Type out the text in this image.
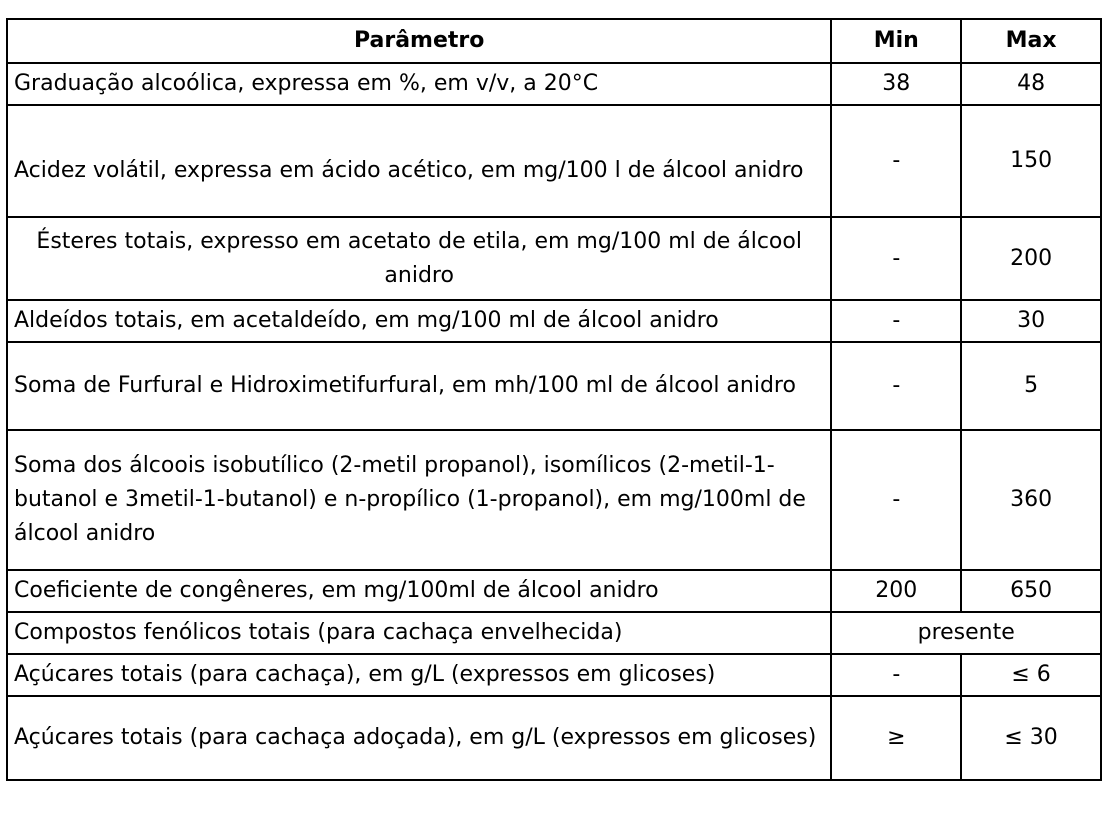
Parâmetro	Min	Max
Graduação alcoólica, expressa em %, em v/v, a 20°C	38	48
Acidez volátil, expressa em ácido acético, em mg/100 l de álcool anidro	-	150
Ésteres totais, expresso em acetato de etila, em mg/100 ml de álcool anidro	-	200
Aldeídos totais, em acetaldeído, em mg/100 ml de álcool anidro	-	30
Soma de Furfural e Hidroximetifurfural, em mh/100 ml de álcool anidro	-	5
Soma dos álcoois isobutílico (2-metil propanol), isomílicos (2-metil-1-butanol e 3metil-1-butanol) e n-propílico (1-propanol), em mg/100ml de álcool anidro	-	360
Coeficiente de congêneres, em mg/100ml de álcool anidro	200	650
Compostos fenólicos totais (para cachaça envelhecida)	presente	
Açúcares totais (para cachaça), em g/L (expressos em glicoses)	-	≤ 6
Açúcares totais (para cachaça adoçada), em g/L (expressos em glicoses)	≥	≤ 30
